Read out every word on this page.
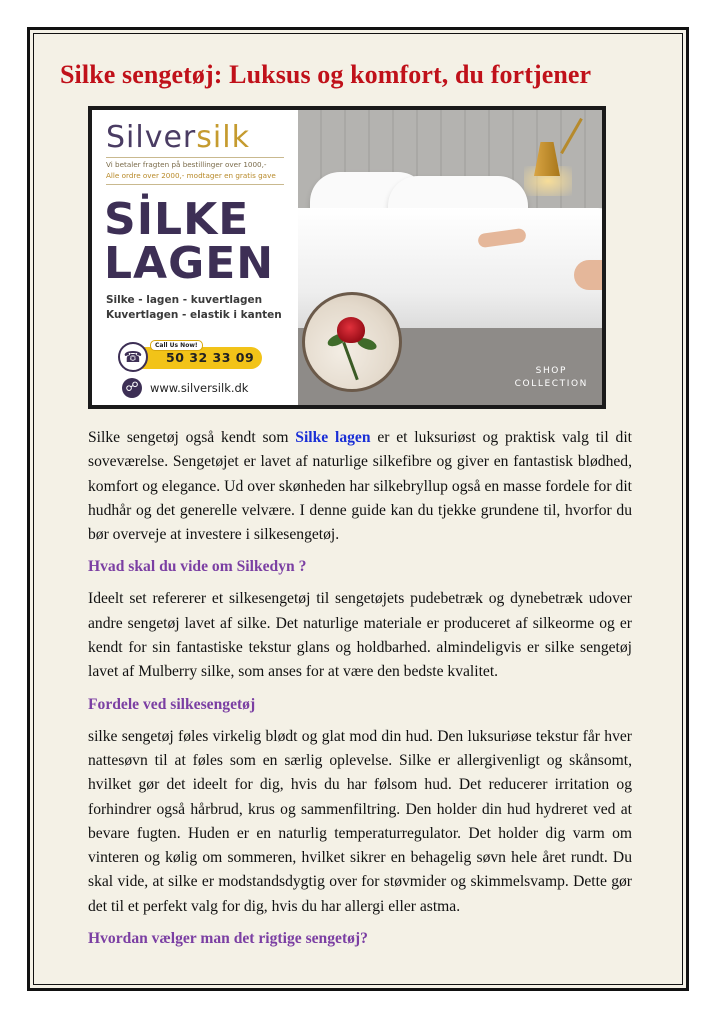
Silke sengetøj: Luksus og komfort, du fortjener
Silversilk
Vi betaler fragten på bestillinger over 1000,-
Alle ordre over 2000,- modtager en gratis gave
SİLKE
LAGEN
Silke - lagen - kuvertlagen
Kuvertlagen - elastik i kanten
Call Us Now!
☎	50 32 33 09
☍ www.silversilk.dk
SHOP
COLLECTION

Silke sengetøj også kendt som Silke lagen er et luksuriøst og praktisk valg til dit soveværelse. Sengetøjet er lavet af naturlige silkefibre og giver en fantastisk blødhed, komfort og elegance. Ud over skønheden har silkebryllup også en masse fordele for dit hudhår og det generelle velvære. I denne guide kan du tjekke grundene til, hvorfor du bør overveje at investere i silkesengetøj.

Hvad skal du vide om Silkedyn ?

Ideelt set refererer et silkesengetøj til sengetøjets pudebetræk og dynebetræk udover andre sengetøj lavet af silke. Det naturlige materiale er produceret af silkeorme og er kendt for sin fantastiske tekstur glans og holdbarhed. almindeligvis er silke sengetøj lavet af Mulberry silke, som anses for at være den bedste kvalitet.

Fordele ved silkesengetøj

silke sengetøj føles virkelig blødt og glat mod din hud. Den luksuriøse tekstur får hver nattesøvn til at føles som en særlig oplevelse. Silke er allergivenligt og skånsomt, hvilket gør det ideelt for dig, hvis du har følsom hud. Det reducerer irritation og forhindrer også hårbrud, krus og sammenfiltring. Den holder din hud hydreret ved at bevare fugten. Huden er en naturlig temperaturregulator. Det holder dig varm om vinteren og kølig om sommeren, hvilket sikrer en behagelig søvn hele året rundt. Du skal vide, at silke er modstandsdygtig over for støvmider og skimmelsvamp. Dette gør det til et perfekt valg for dig, hvis du har allergi eller astma.

Hvordan vælger man det rigtige sengetøj?
